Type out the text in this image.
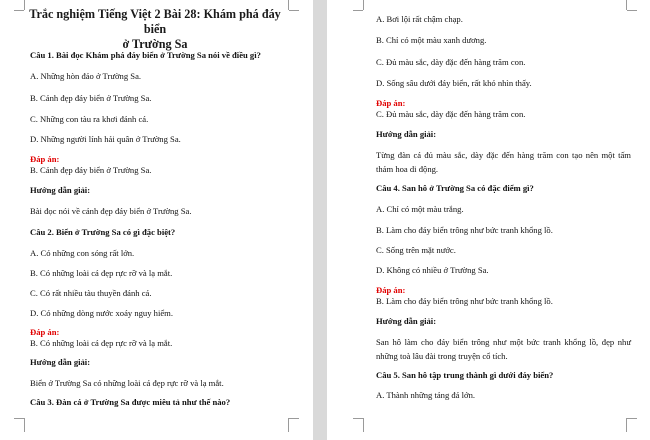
Trắc nghiệm Tiếng Việt 2 Bài 28: Khám phá đáy biển
ở Trường Sa
Câu 1. Bài đọc Khám phá đáy biển ở Trường Sa nói về điều gì?
A. Những hòn đảo ở Trường Sa.
B. Cảnh đẹp đáy biển ở Trường Sa.
C. Những con tàu ra khơi đánh cá.
D. Những người lính hải quân ở Trường Sa.
Đáp án:
B. Cảnh đẹp đáy biển ở Trường Sa.
Hướng dẫn giải:
Bài đọc nói về cảnh đẹp đáy biển ở Trường Sa.
Câu 2. Biển ở Trường Sa có gì đặc biệt?
A. Có những con sóng rất lớn.
B. Có những loài cá đẹp rực rỡ và lạ mắt.
C. Có rất nhiều tàu thuyền đánh cá.
D. Có những dòng nước xoáy nguy hiểm.
Đáp án:
B. Có những loài cá đẹp rực rỡ và lạ mắt.
Hướng dẫn giải:
Biển ở Trường Sa có những loài cá đẹp rực rỡ và lạ mắt.
Câu 3. Đàn cá ở Trường Sa được miêu tả như thế nào?
A. Bơi lội rất chậm chạp.
B. Chỉ có một màu xanh dương.
C. Đủ màu sắc, dày đặc đến hàng trăm con.
D. Sống sâu dưới đáy biển, rất khó nhìn thấy.
Đáp án:
C. Đủ màu sắc, dày đặc đến hàng trăm con.
Hướng dẫn giải:
Từng đàn cá đủ màu sắc, dày đặc đến hàng trăm con tạo nên một tấm thảm hoa di động.
Câu 4. San hô ở Trường Sa có đặc điểm gì?
A. Chỉ có một màu trắng.
B. Làm cho đáy biển trông như bức tranh khổng lồ.
C. Sống trên mặt nước.
D. Không có nhiều ở Trường Sa.
Đáp án:
B. Làm cho đáy biển trông như bức tranh khổng lồ.
Hướng dẫn giải:
San hô làm cho đáy biển trông như một bức tranh khổng lồ, đẹp như những toà lâu đài trong truyện cổ tích.
Câu 5. San hô tập trung thành gì dưới đáy biển?
A. Thành những tảng đá lớn.
